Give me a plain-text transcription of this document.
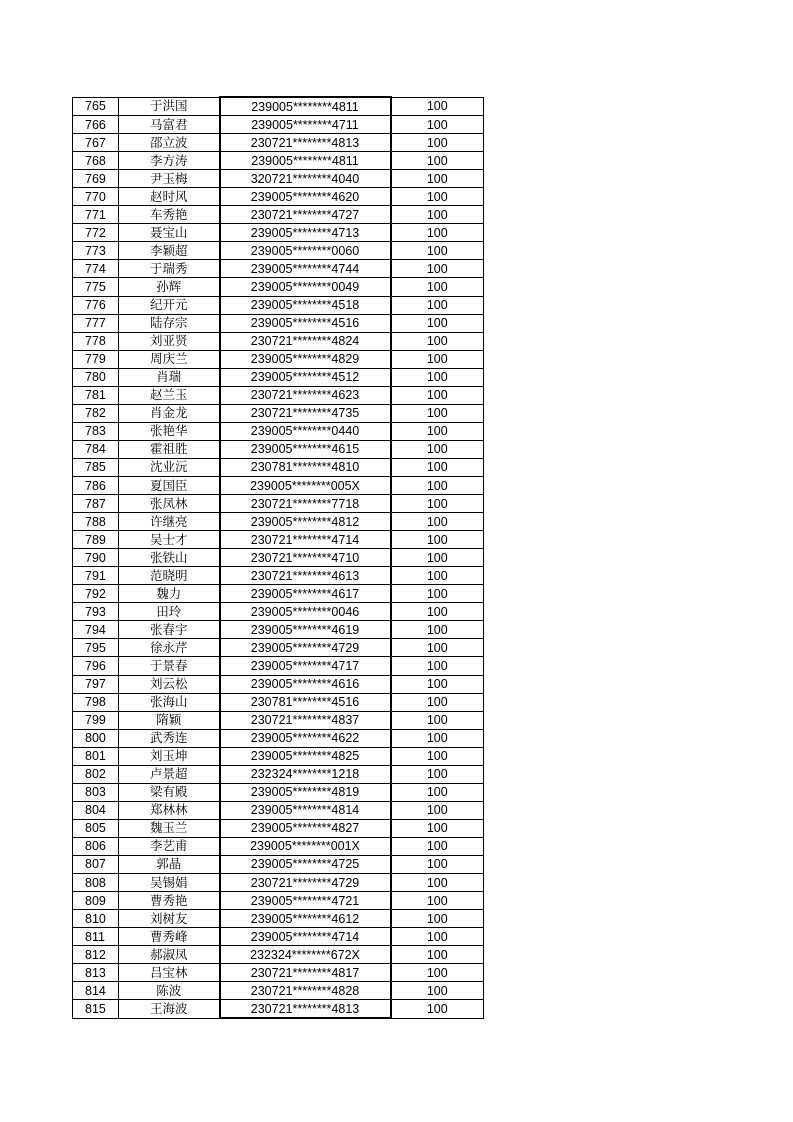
765	于洪国	239005********4811	100
766	马富君	239005********4711	100
767	邵立波	230721********4813	100
768	李方涛	239005********4811	100
769	尹玉梅	320721********4040	100
770	赵时风	239005********4620	100
771	车秀艳	230721********4727	100
772	聂宝山	239005********4713	100
773	李颖超	239005********0060	100
774	于瑞秀	239005********4744	100
775	孙辉	239005********0049	100
776	纪开元	239005********4518	100
777	陆存宗	239005********4516	100
778	刘亚贤	230721********4824	100
779	周庆兰	239005********4829	100
780	肖瑞	239005********4512	100
781	赵兰玉	230721********4623	100
782	肖金龙	230721********4735	100
783	张艳华	239005********0440	100
784	霍祖胜	239005********4615	100
785	沈业沅	230781********4810	100
786	夏国臣	239005********005X	100
787	张凤林	230721********7718	100
788	许继亮	239005********4812	100
789	吴士才	230721********4714	100
790	张铁山	230721********4710	100
791	范晓明	230721********4613	100
792	魏力	239005********4617	100
793	田玲	239005********0046	100
794	张春宇	239005********4619	100
795	徐永芹	239005********4729	100
796	于景春	239005********4717	100
797	刘云松	239005********4616	100
798	张海山	230781********4516	100
799	隋颖	230721********4837	100
800	武秀连	239005********4622	100
801	刘玉坤	239005********4825	100
802	卢景超	232324********1218	100
803	梁有殿	239005********4819	100
804	郑林林	239005********4814	100
805	魏玉兰	239005********4827	100
806	李艺甫	239005********001X	100
807	郭晶	239005********4725	100
808	吴锡娟	230721********4729	100
809	曹秀艳	239005********4721	100
810	刘树友	239005********4612	100
811	曹秀峰	239005********4714	100
812	郝淑凤	232324********672X	100
813	吕宝林	230721********4817	100
814	陈波	230721********4828	100
815	王海波	230721********4813	100
